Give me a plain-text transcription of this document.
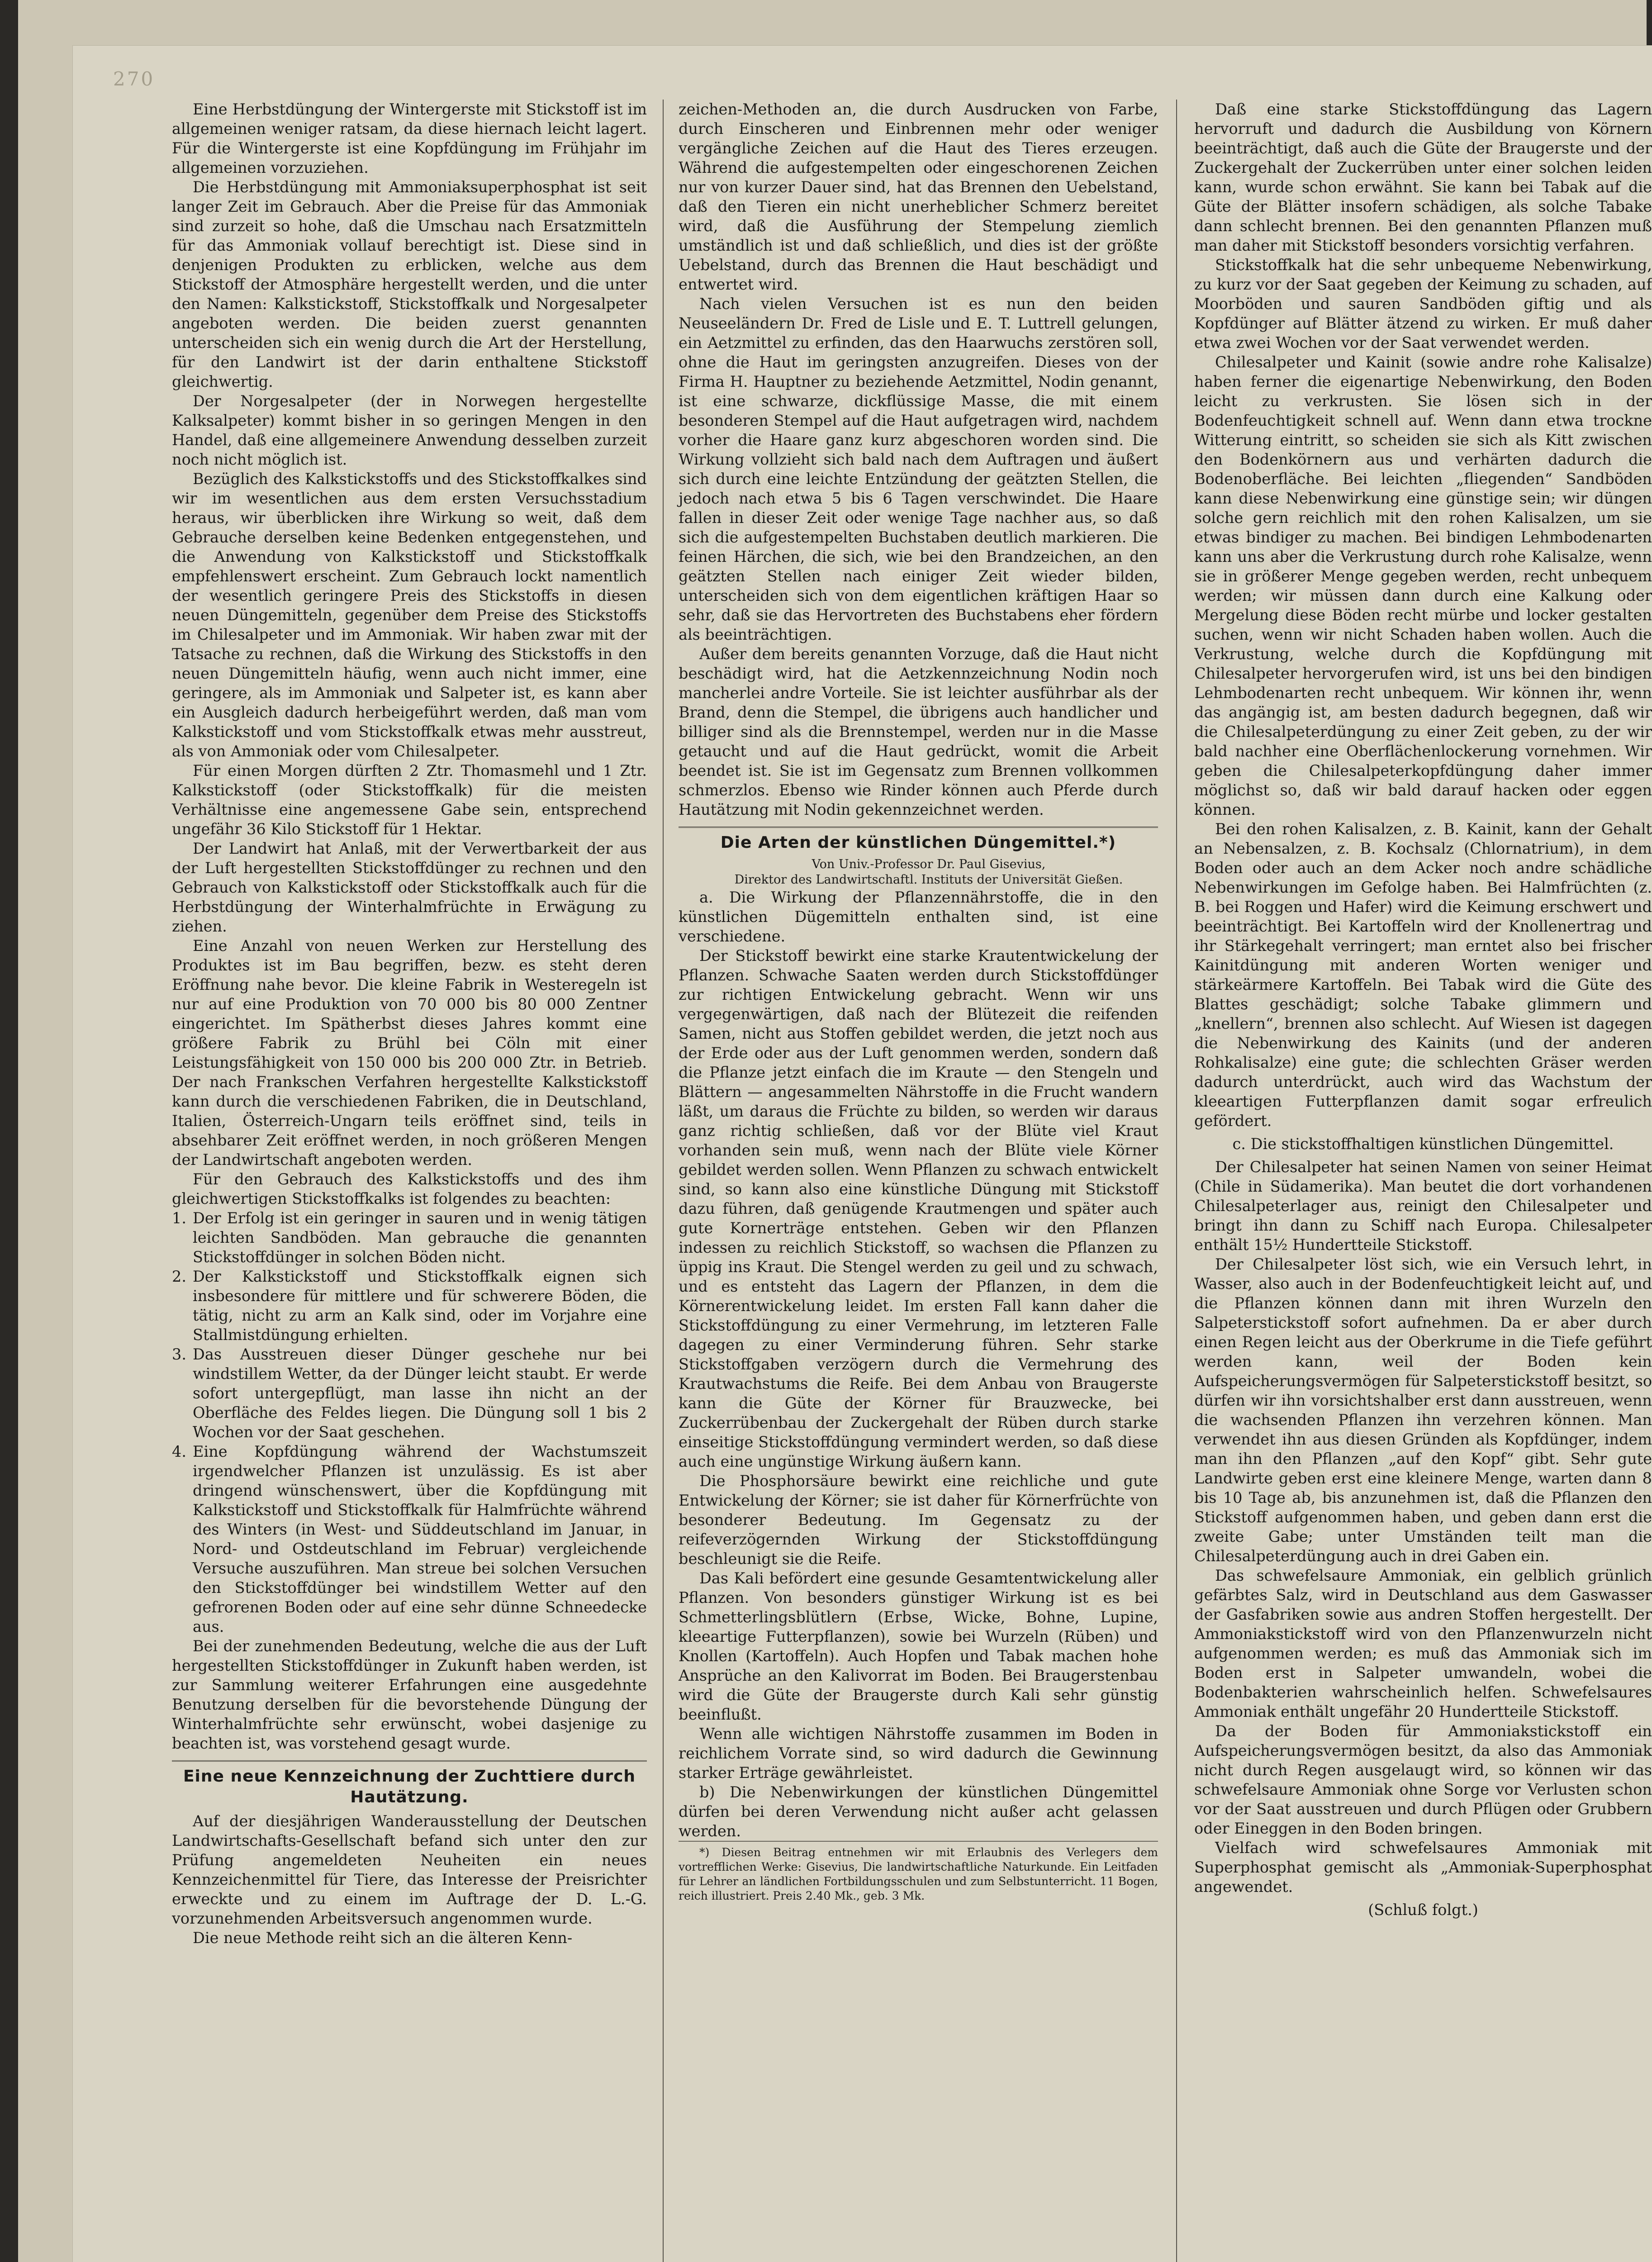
270

Eine Herbstdüngung der Wintergerste mit Stickstoff ist im allgemeinen weniger ratsam, da diese hiernach leicht lagert. Für die Wintergerste ist eine Kopfdüngung im Frühjahr im allgemeinen vorzuziehen.

Die Herbstdüngung mit Ammoniaksuperphosphat ist seit langer Zeit im Gebrauch. Aber die Preise für das Ammoniak sind zurzeit so hohe, daß die Umschau nach Ersatzmitteln für das Ammoniak vollauf berechtigt ist. Diese sind in denjenigen Produkten zu erblicken, welche aus dem Stickstoff der Atmosphäre hergestellt werden, und die unter den Namen: Kalkstickstoff, Stickstoffkalk und Norgesalpeter angeboten werden. Die beiden zuerst genannten unterscheiden sich ein wenig durch die Art der Herstellung, für den Landwirt ist der darin enthaltene Stickstoff gleichwertig.

Der Norgesalpeter (der in Norwegen hergestellte Kalksalpeter) kommt bisher in so geringen Mengen in den Handel, daß eine allgemeinere Anwendung desselben zurzeit noch nicht möglich ist.

Bezüglich des Kalkstickstoffs und des Stickstoffkalkes sind wir im wesentlichen aus dem ersten Versuchsstadium heraus, wir überblicken ihre Wirkung so weit, daß dem Gebrauche derselben keine Bedenken entgegenstehen, und die Anwendung von Kalkstickstoff und Stickstoffkalk empfehlenswert erscheint. Zum Gebrauch lockt namentlich der wesentlich geringere Preis des Stickstoffs in diesen neuen Düngemitteln, gegenüber dem Preise des Stickstoffs im Chilesalpeter und im Ammoniak. Wir haben zwar mit der Tatsache zu rechnen, daß die Wirkung des Stickstoffs in den neuen Düngemitteln häufig, wenn auch nicht immer, eine geringere, als im Ammoniak und Salpeter ist, es kann aber ein Ausgleich dadurch herbeigeführt werden, daß man vom Kalkstickstoff und vom Stickstoffkalk etwas mehr ausstreut, als von Ammoniak oder vom Chilesalpeter.

Für einen Morgen dürften 2 Ztr. Thomasmehl und 1 Ztr. Kalkstickstoff (oder Stickstoffkalk) für die meisten Verhältnisse eine angemessene Gabe sein, entsprechend ungefähr 36 Kilo Stickstoff für 1 Hektar.

Der Landwirt hat Anlaß, mit der Verwertbarkeit der aus der Luft hergestellten Stickstoffdünger zu rechnen und den Gebrauch von Kalkstickstoff oder Stickstoffkalk auch für die Herbstdüngung der Winterhalmfrüchte in Erwägung zu ziehen.

Eine Anzahl von neuen Werken zur Herstellung des Produktes ist im Bau begriffen, bezw. es steht deren Eröffnung nahe bevor. Die kleine Fabrik in Westeregeln ist nur auf eine Produktion von 70 000 bis 80 000 Zentner eingerichtet. Im Spätherbst dieses Jahres kommt eine größere Fabrik zu Brühl bei Cöln mit einer Leistungsfähigkeit von 150 000 bis 200 000 Ztr. in Betrieb. Der nach Frankschen Verfahren hergestellte Kalkstickstoff kann durch die verschiedenen Fabriken, die in Deutschland, Italien, Österreich-Ungarn teils eröffnet sind, teils in absehbarer Zeit eröffnet werden, in noch größeren Mengen der Landwirtschaft angeboten werden.

Für den Gebrauch des Kalkstickstoffs und des ihm gleichwertigen Stickstoffkalks ist folgendes zu beachten:

1. Der Erfolg ist ein geringer in sauren und in wenig tätigen leichten Sandböden. Man gebrauche die genannten Stickstoffdünger in solchen Böden nicht.

2. Der Kalkstickstoff und Stickstoffkalk eignen sich insbesondere für mittlere und für schwerere Böden, die tätig, nicht zu arm an Kalk sind, oder im Vorjahre eine Stallmistdüngung erhielten.

3. Das Ausstreuen dieser Dünger geschehe nur bei windstillem Wetter, da der Dünger leicht staubt. Er werde sofort untergepflügt, man lasse ihn nicht an der Oberfläche des Feldes liegen. Die Düngung soll 1 bis 2 Wochen vor der Saat geschehen.

4. Eine Kopfdüngung während der Wachstumszeit irgendwelcher Pflanzen ist unzulässig. Es ist aber dringend wünschenswert, über die Kopfdüngung mit Kalkstickstoff und Stickstoffkalk für Halmfrüchte während des Winters (in West- und Süddeutschland im Januar, in Nord- und Ostdeutschland im Februar) vergleichende Versuche auszuführen. Man streue bei solchen Versuchen den Stickstoffdünger bei windstillem Wetter auf den gefrorenen Boden oder auf eine sehr dünne Schneedecke aus.

Bei der zunehmenden Bedeutung, welche die aus der Luft hergestellten Stickstoffdünger in Zukunft haben werden, ist zur Sammlung weiterer Erfahrungen eine ausgedehnte Benutzung derselben für die bevorstehende Düngung der Winterhalmfrüchte sehr erwünscht, wobei dasjenige zu beachten ist, was vorstehend gesagt wurde.

Eine neue Kennzeichnung der Zuchttiere durch Hautätzung.

Auf der diesjährigen Wanderausstellung der Deutschen Landwirtschafts-Gesellschaft befand sich unter den zur Prüfung angemeldeten Neuheiten ein neues Kennzeichenmittel für Tiere, das Interesse der Preisrichter erweckte und zu einem im Auftrage der D. L.-G. vorzunehmenden Arbeitsversuch angenommen wurde.

Die neue Methode reiht sich an die älteren Kenn-

zeichen-Methoden an, die durch Ausdrucken von Farbe, durch Einscheren und Einbrennen mehr oder weniger vergängliche Zeichen auf die Haut des Tieres erzeugen. Während die aufgestempelten oder eingeschorenen Zeichen nur von kurzer Dauer sind, hat das Brennen den Uebelstand, daß den Tieren ein nicht unerheblicher Schmerz bereitet wird, daß die Ausführung der Stempelung ziemlich umständlich ist und daß schließlich, und dies ist der größte Uebelstand, durch das Brennen die Haut beschädigt und entwertet wird.

Nach vielen Versuchen ist es nun den beiden Neuseeländern Dr. Fred de Lisle und E. T. Luttrell gelungen, ein Aetzmittel zu erfinden, das den Haarwuchs zerstören soll, ohne die Haut im geringsten anzugreifen. Dieses von der Firma H. Hauptner zu beziehende Aetzmittel, Nodin genannt, ist eine schwarze, dickflüssige Masse, die mit einem besonderen Stempel auf die Haut aufgetragen wird, nachdem vorher die Haare ganz kurz abgeschoren worden sind. Die Wirkung vollzieht sich bald nach dem Auftragen und äußert sich durch eine leichte Entzündung der geätzten Stellen, die jedoch nach etwa 5 bis 6 Tagen verschwindet. Die Haare fallen in dieser Zeit oder wenige Tage nachher aus, so daß sich die aufgestempelten Buchstaben deutlich markieren. Die feinen Härchen, die sich, wie bei den Brandzeichen, an den geätzten Stellen nach einiger Zeit wieder bilden, unterscheiden sich von dem eigentlichen kräftigen Haar so sehr, daß sie das Hervortreten des Buchstabens eher fördern als beeinträchtigen.

Außer dem bereits genannten Vorzuge, daß die Haut nicht beschädigt wird, hat die Aetzkennzeichnung Nodin noch mancherlei andre Vorteile. Sie ist leichter ausführbar als der Brand, denn die Stempel, die übrigens auch handlicher und billiger sind als die Brennstempel, werden nur in die Masse getaucht und auf die Haut gedrückt, womit die Arbeit beendet ist. Sie ist im Gegensatz zum Brennen vollkommen schmerzlos. Ebenso wie Rinder können auch Pferde durch Hautätzung mit Nodin gekennzeichnet werden.

Die Arten der künstlichen Düngemittel.*)

Von Univ.-Professor Dr. Paul Gisevius,

Direktor des Landwirtschaftl. Instituts der Universität Gießen.

a. Die Wirkung der Pflanzennährstoffe, die in den künstlichen Dügemitteln enthalten sind, ist eine verschiedene.

Der Stickstoff bewirkt eine starke Krautentwickelung der Pflanzen. Schwache Saaten werden durch Stickstoffdünger zur richtigen Entwickelung gebracht. Wenn wir uns vergegenwärtigen, daß nach der Blütezeit die reifenden Samen, nicht aus Stoffen gebildet werden, die jetzt noch aus der Erde oder aus der Luft genommen werden, sondern daß die Pflanze jetzt einfach die im Kraute — den Stengeln und Blättern — angesammelten Nährstoffe in die Frucht wandern läßt, um daraus die Früchte zu bilden, so werden wir daraus ganz richtig schließen, daß vor der Blüte viel Kraut vorhanden sein muß, wenn nach der Blüte viele Körner gebildet werden sollen. Wenn Pflanzen zu schwach entwickelt sind, so kann also eine künstliche Düngung mit Stickstoff dazu führen, daß genügende Krautmengen und später auch gute Kornerträge entstehen. Geben wir den Pflanzen indessen zu reichlich Stickstoff, so wachsen die Pflanzen zu üppig ins Kraut. Die Stengel werden zu geil und zu schwach, und es entsteht das Lagern der Pflanzen, in dem die Körnerentwickelung leidet. Im ersten Fall kann daher die Stickstoffdüngung zu einer Vermehrung, im letzteren Falle dagegen zu einer Verminderung führen. Sehr starke Stickstoffgaben verzögern durch die Vermehrung des Krautwachstums die Reife. Bei dem Anbau von Braugerste kann die Güte der Körner für Brauzwecke, bei Zuckerrübenbau der Zuckergehalt der Rüben durch starke einseitige Stickstoffdüngung vermindert werden, so daß diese auch eine ungünstige Wirkung äußern kann.

Die Phosphorsäure bewirkt eine reichliche und gute Entwickelung der Körner; sie ist daher für Körnerfrüchte von besonderer Bedeutung. Im Gegensatz zu der reifeverzögernden Wirkung der Stickstoffdüngung beschleunigt sie die Reife.

Das Kali befördert eine gesunde Gesamtentwickelung aller Pflanzen. Von besonders günstiger Wirkung ist es bei Schmetterlingsblütlern (Erbse, Wicke, Bohne, Lupine, kleeartige Futterpflanzen), sowie bei Wurzeln (Rüben) und Knollen (Kartoffeln). Auch Hopfen und Tabak machen hohe Ansprüche an den Kalivorrat im Boden. Bei Braugerstenbau wird die Güte der Braugerste durch Kali sehr günstig beeinflußt.

Wenn alle wichtigen Nährstoffe zusammen im Boden in reichlichem Vorrate sind, so wird dadurch die Gewinnung starker Erträge gewährleistet.

b) Die Nebenwirkungen der künstlichen Düngemittel dürfen bei deren Verwendung nicht außer acht gelassen werden.

*) Diesen Beitrag entnehmen wir mit Erlaubnis des Verlegers dem vortrefflichen Werke: Gisevius, Die landwirtschaftliche Naturkunde. Ein Leitfaden für Lehrer an ländlichen Fortbildungsschulen und zum Selbstunterricht. 11 Bogen, reich illustriert. Preis 2.40 Mk., geb. 3 Mk.

Daß eine starke Stickstoffdüngung das Lagern hervorruft und dadurch die Ausbildung von Körnern beeinträchtigt, daß auch die Güte der Braugerste und der Zuckergehalt der Zuckerrüben unter einer solchen leiden kann, wurde schon erwähnt. Sie kann bei Tabak auf die Güte der Blätter insofern schädigen, als solche Tabake dann schlecht brennen. Bei den genannten Pflanzen muß man daher mit Stickstoff besonders vorsichtig verfahren.

Stickstoffkalk hat die sehr unbequeme Nebenwirkung, zu kurz vor der Saat gegeben der Keimung zu schaden, auf Moorböden und sauren Sandböden giftig und als Kopfdünger auf Blätter ätzend zu wirken. Er muß daher etwa zwei Wochen vor der Saat verwendet werden.

Chilesalpeter und Kainit (sowie andre rohe Kalisalze) haben ferner die eigenartige Nebenwirkung, den Boden leicht zu verkrusten. Sie lösen sich in der Bodenfeuchtigkeit schnell auf. Wenn dann etwa trockne Witterung eintritt, so scheiden sie sich als Kitt zwischen den Bodenkörnern aus und verhärten dadurch die Bodenoberfläche. Bei leichten „fliegenden“ Sandböden kann diese Nebenwirkung eine günstige sein; wir düngen solche gern reichlich mit den rohen Kalisalzen, um sie etwas bindiger zu machen. Bei bindigen Lehmbodenarten kann uns aber die Verkrustung durch rohe Kalisalze, wenn sie in größerer Menge gegeben werden, recht unbequem werden; wir müssen dann durch eine Kalkung oder Mergelung diese Böden recht mürbe und locker gestalten suchen, wenn wir nicht Schaden haben wollen. Auch die Verkrustung, welche durch die Kopfdüngung mit Chilesalpeter hervorgerufen wird, ist uns bei den bindigen Lehmbodenarten recht unbequem. Wir können ihr, wenn das angängig ist, am besten dadurch begegnen, daß wir die Chilesalpeterdüngung zu einer Zeit geben, zu der wir bald nachher eine Oberflächenlockerung vornehmen. Wir geben die Chilesalpeterkopfdüngung daher immer möglichst so, daß wir bald darauf hacken oder eggen können.

Bei den rohen Kalisalzen, z. B. Kainit, kann der Gehalt an Nebensalzen, z. B. Kochsalz (Chlornatrium), in dem Boden oder auch an dem Acker noch andre schädliche Nebenwirkungen im Gefolge haben. Bei Halmfrüchten (z. B. bei Roggen und Hafer) wird die Keimung erschwert und beeinträchtigt. Bei Kartoffeln wird der Knollenertrag und ihr Stärkegehalt verringert; man erntet also bei frischer Kainitdüngung mit anderen Worten weniger und stärkeärmere Kartoffeln. Bei Tabak wird die Güte des Blattes geschädigt; solche Tabake glimmern und „knellern“, brennen also schlecht. Auf Wiesen ist dagegen die Nebenwirkung des Kainits (und der anderen Rohkalisalze) eine gute; die schlechten Gräser werden dadurch unterdrückt, auch wird das Wachstum der kleeartigen Futterpflanzen damit sogar erfreulich gefördert.

c. Die stickstoffhaltigen künstlichen Düngemittel.

Der Chilesalpeter hat seinen Namen von seiner Heimat (Chile in Südamerika). Man beutet die dort vorhandenen Chilesalpeterlager aus, reinigt den Chilesalpeter und bringt ihn dann zu Schiff nach Europa. Chilesalpeter enthält 15½ Hundertteile Stickstoff.

Der Chilesalpeter löst sich, wie ein Versuch lehrt, in Wasser, also auch in der Bodenfeuchtigkeit leicht auf, und die Pflanzen können dann mit ihren Wurzeln den Salpeterstickstoff sofort aufnehmen. Da er aber durch einen Regen leicht aus der Oberkrume in die Tiefe geführt werden kann, weil der Boden kein Aufspeicherungsvermögen für Salpeterstickstoff besitzt, so dürfen wir ihn vorsichtshalber erst dann ausstreuen, wenn die wachsenden Pflanzen ihn verzehren können. Man verwendet ihn aus diesen Gründen als Kopfdünger, indem man ihn den Pflanzen „auf den Kopf“ gibt. Sehr gute Landwirte geben erst eine kleinere Menge, warten dann 8 bis 10 Tage ab, bis anzunehmen ist, daß die Pflanzen den Stickstoff aufgenommen haben, und geben dann erst die zweite Gabe; unter Umständen teilt man die Chilesalpeterdüngung auch in drei Gaben ein.

Das schwefelsaure Ammoniak, ein gelblich grünlich gefärbtes Salz, wird in Deutschland aus dem Gaswasser der Gasfabriken sowie aus andren Stoffen hergestellt. Der Ammoniakstickstoff wird von den Pflanzenwurzeln nicht aufgenommen werden; es muß das Ammoniak sich im Boden erst in Salpeter umwandeln, wobei die Bodenbakterien wahrscheinlich helfen. Schwefelsaures Ammoniak enthält ungefähr 20 Hundertteile Stickstoff.

Da der Boden für Ammoniakstickstoff ein Aufspeicherungsvermögen besitzt, da also das Ammoniak nicht durch Regen ausgelaugt wird, so können wir das schwefelsaure Ammoniak ohne Sorge vor Verlusten schon vor der Saat ausstreuen und durch Pflügen oder Grubbern oder Eineggen in den Boden bringen.

Vielfach wird schwefelsaures Ammoniak mit Superphosphat gemischt als „Ammoniak-Superphosphat angewendet.

(Schluß folgt.)
